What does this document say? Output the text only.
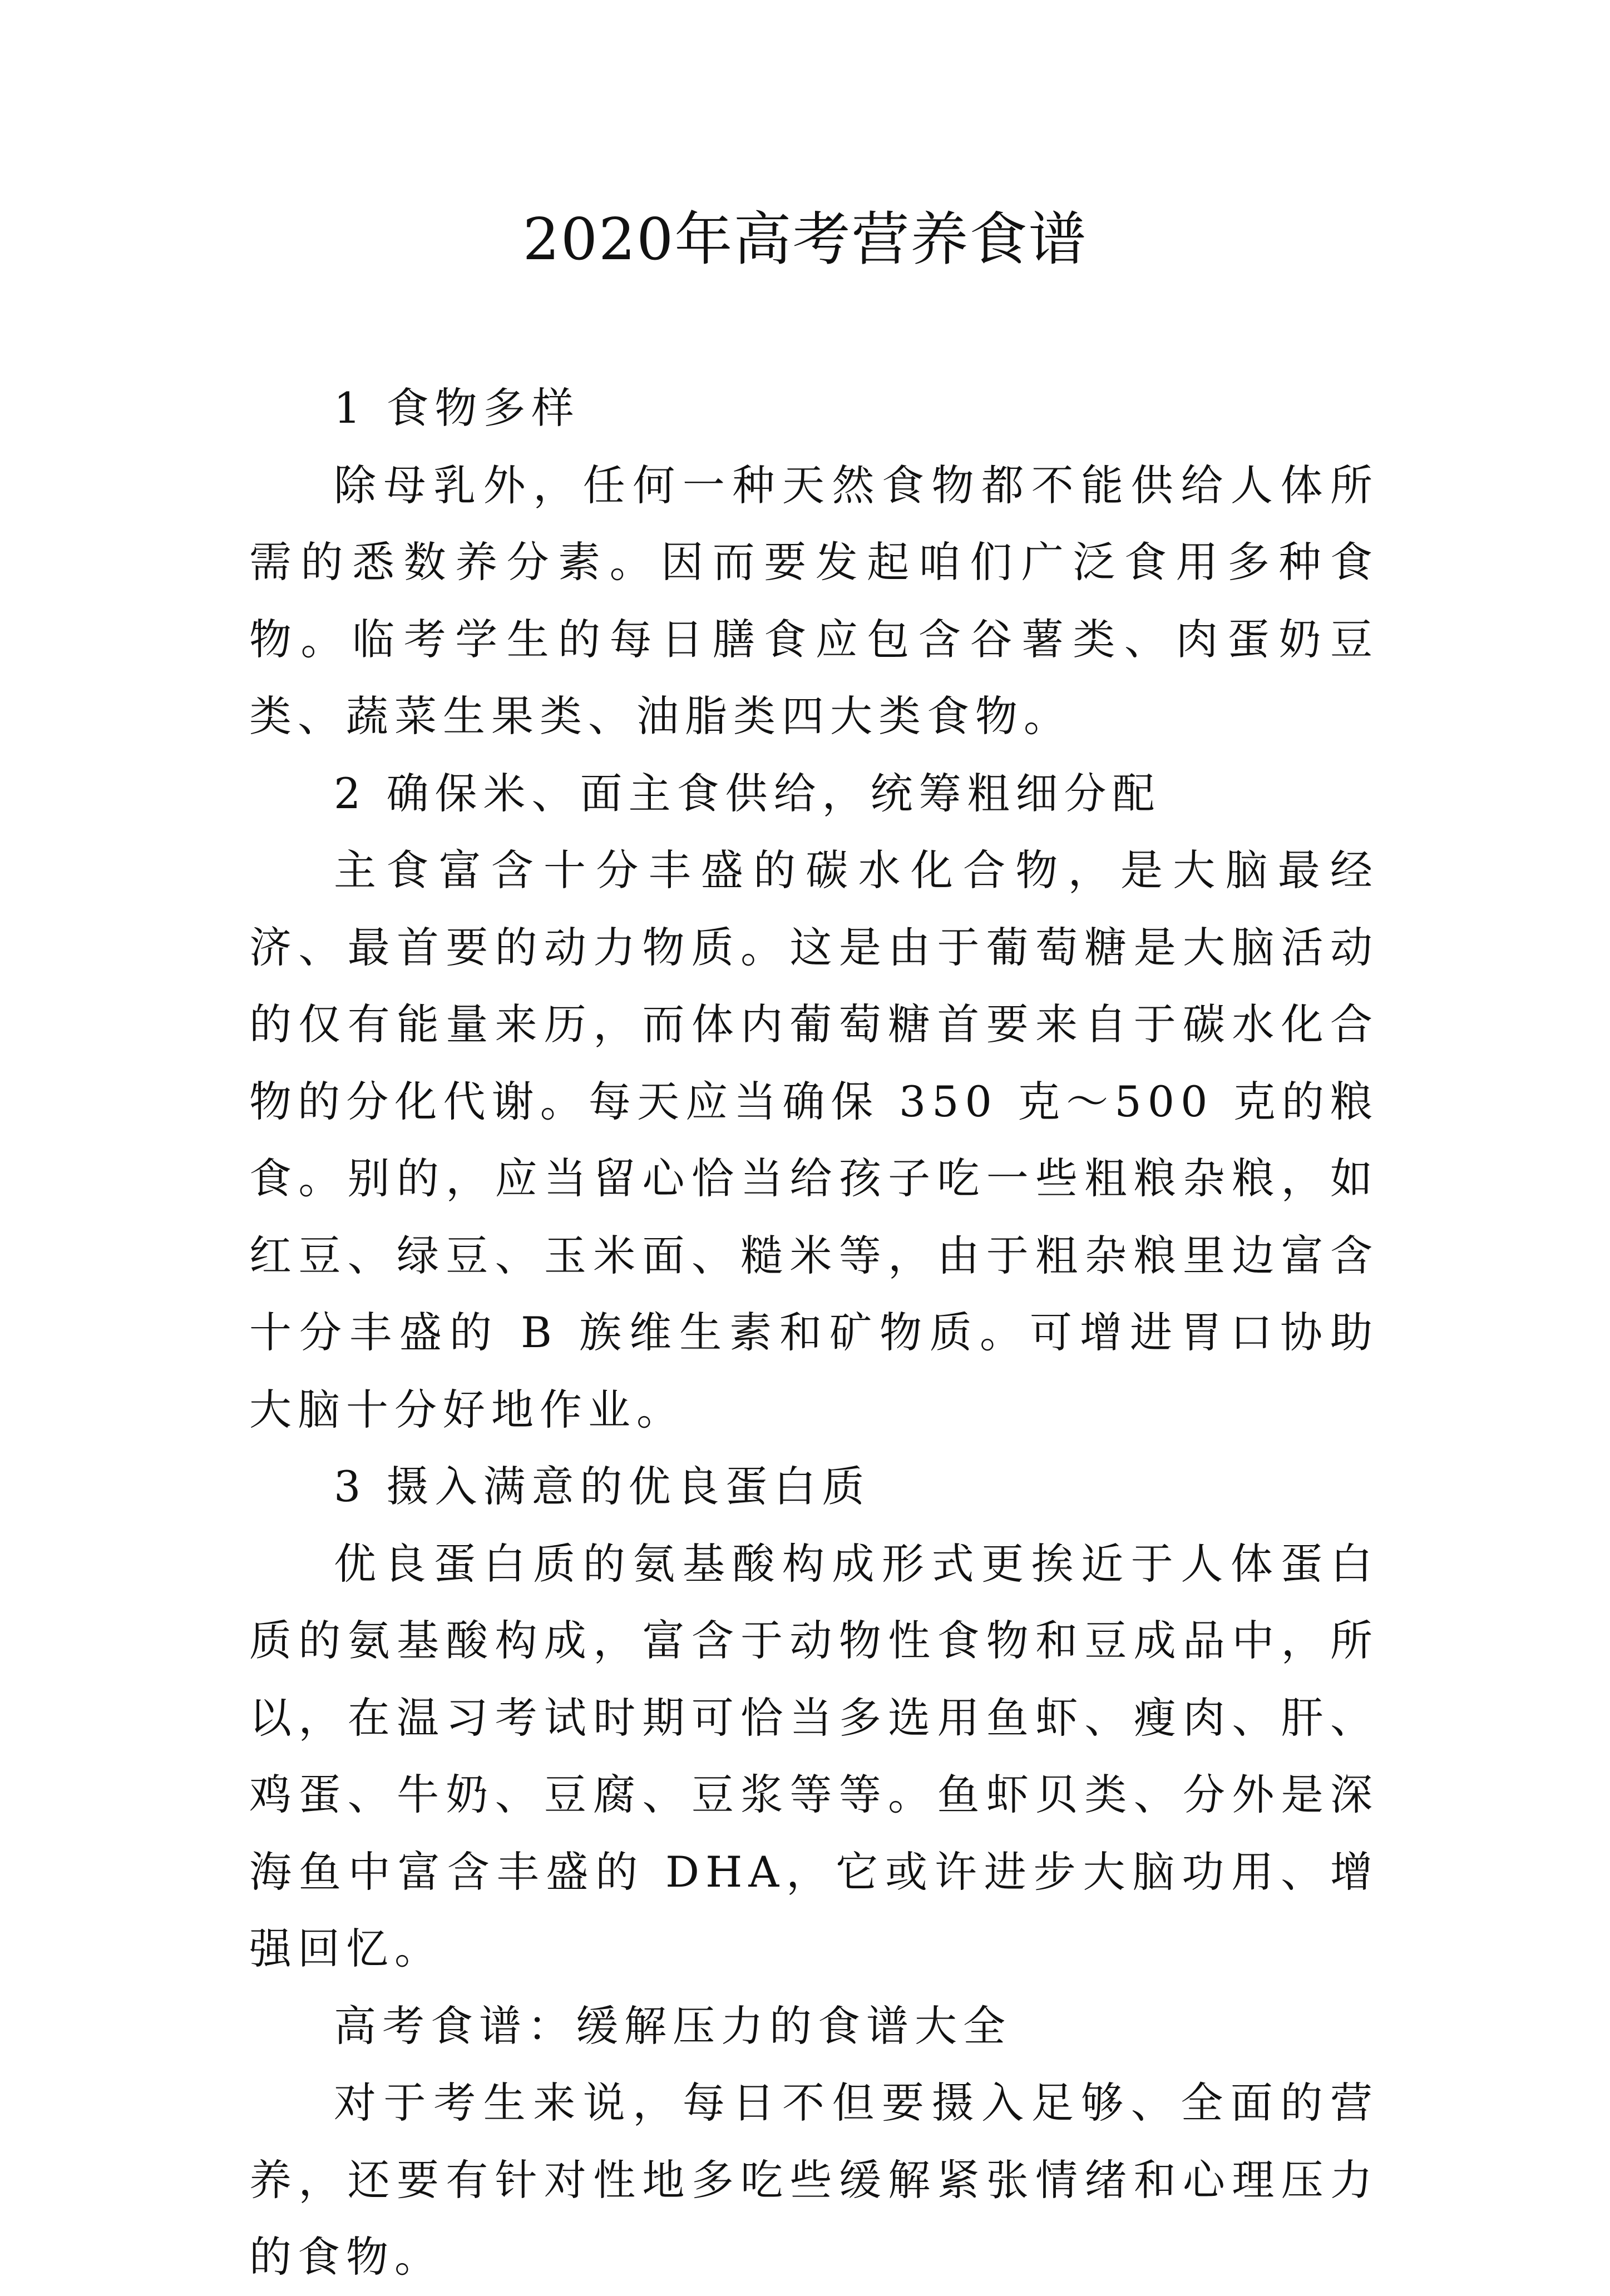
2020年高考营养食谱

1 食物多样

除母乳外，任何一种天然食物都不能供给人体所需的悉数养分素。因而要发起咱们广泛食用多种食物。临考学生的每日膳食应包含谷薯类、肉蛋奶豆类、蔬菜生果类、油脂类四大类食物。

2 确保米、面主食供给，统筹粗细分配

主食富含十分丰盛的碳水化合物，是大脑最经济、最首要的动力物质。这是由于葡萄糖是大脑活动的仅有能量来历，而体内葡萄糖首要来自于碳水化合物的分化代谢。每天应当确保 350 克～500 克的粮食。别的，应当留心恰当给孩子吃一些粗粮杂粮，如红豆、绿豆、玉米面、糙米等，由于粗杂粮里边富含十分丰盛的 B 族维生素和矿物质。可增进胃口协助大脑十分好地作业。

3 摄入满意的优良蛋白质

优良蛋白质的氨基酸构成形式更挨近于人体蛋白质的氨基酸构成，富含于动物性食物和豆成品中，所以，在温习考试时期可恰当多选用鱼虾、瘦肉、肝、鸡蛋、牛奶、豆腐、豆浆等等。鱼虾贝类、分外是深海鱼中富含丰盛的 DHA，它或许进步大脑功用、增强回忆。

高考食谱：缓解压力的食谱大全

对于考生来说，每日不但要摄入足够、全面的营养，还要有针对性地多吃些缓解紧张情绪和心理压力的食物。
